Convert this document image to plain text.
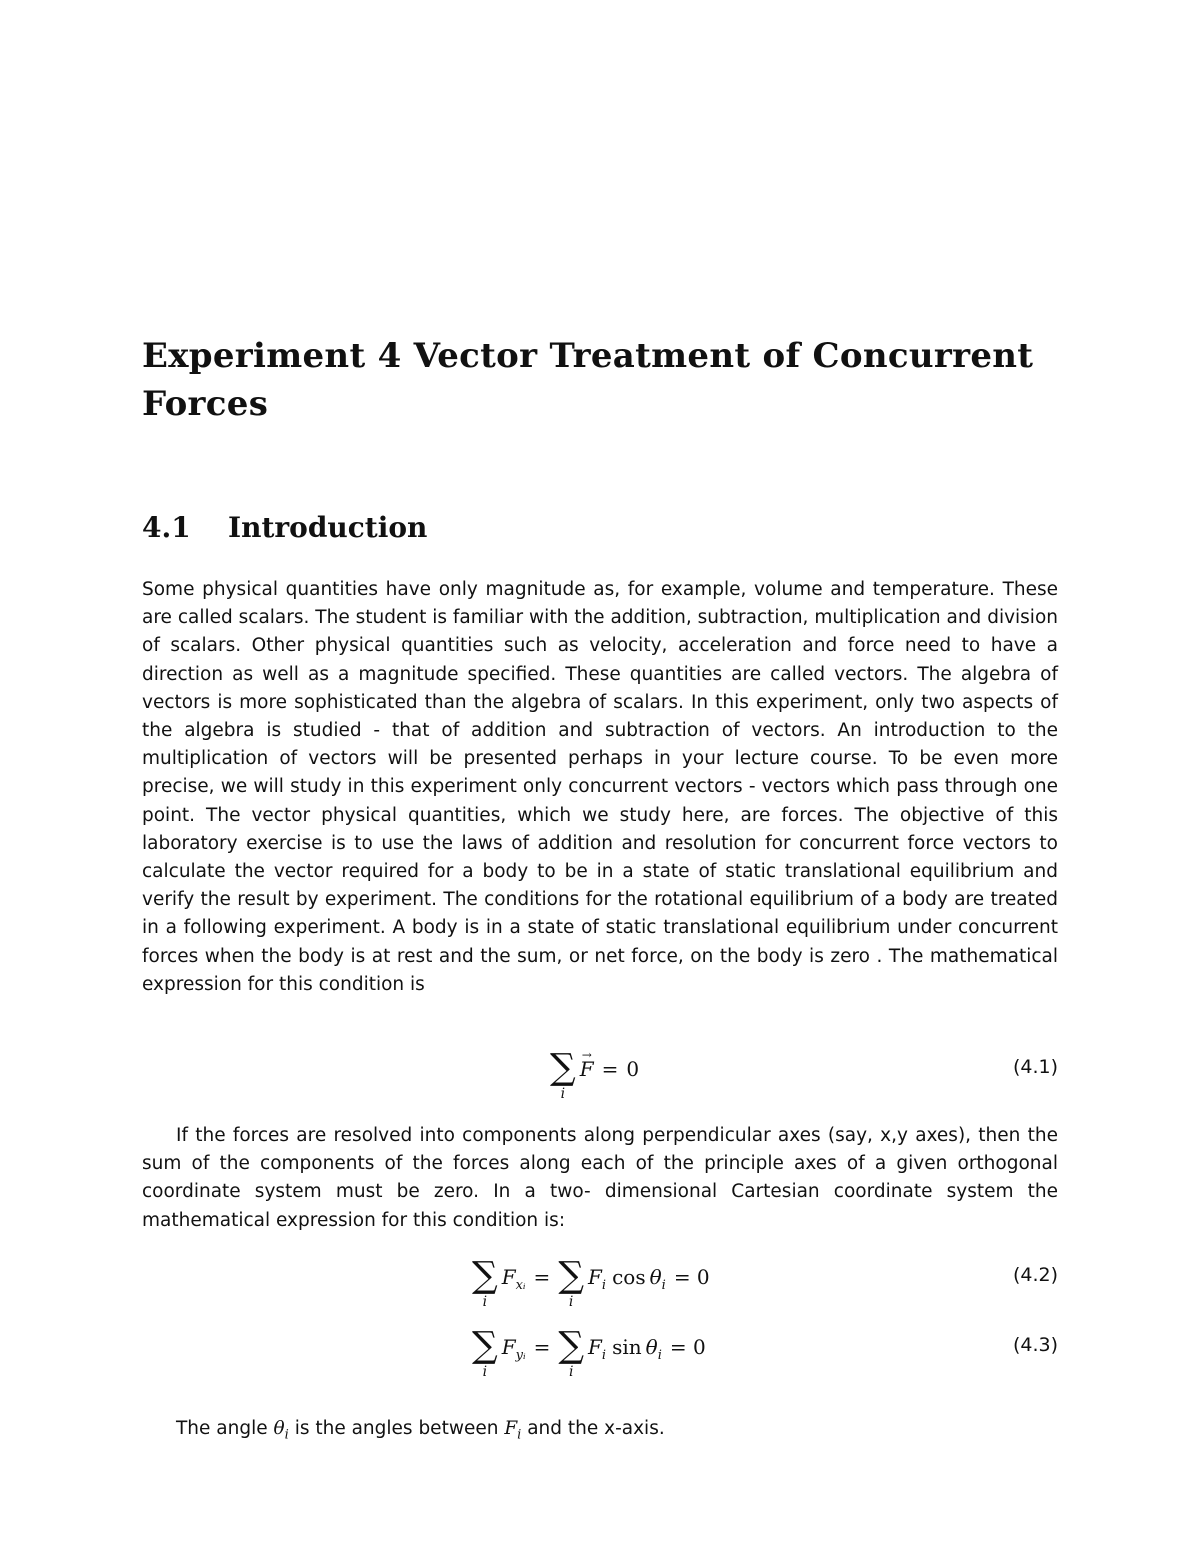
Experiment 4 Vector Treatment of Concurrent Forces
4.1 Introduction

Some physical quantities have only magnitude as, for example, volume and temperature. These are called scalars. The student is familiar with the addition, subtraction, multiplication and division of scalars. Other physical quantities such as velocity, acceleration and force need to have a direction as well as a magnitude specified. These quantities are called vectors. The algebra of vectors is more sophisticated than the algebra of scalars. In this experiment, only two aspects of the algebra is studied - that of addition and subtraction of vectors. An introduction to the multiplication of vectors will be presented perhaps in your lecture course. To be even more precise, we will study in this experiment only concurrent vectors - vectors which pass through one point. The vector physical quantities, which we study here, are forces. The objective of this laboratory exercise is to use the laws of addition and resolution for concurrent force vectors to calculate the vector required for a body to be in a state of static translational equilibrium and verify the result by experiment. The conditions for the rotational equilibrium of a body are treated in a following experiment. A body is in a state of static translational equilibrium under concurrent forces when the body is at rest and the sum, or net force, on the body is zero . The mathematical expression for this condition is

∑
i
→ F = 0	(4.1)

If the forces are resolved into components along perpendicular axes (say, x,y axes), then the sum of the components of the forces along each of the principle axes of a given orthogonal coordinate system must be zero. In a two- dimensional Cartesian coordinate system the mathematical expression for this condition is:

∑
i
$F_{xᵢ}$ = ∑
i
$F_i$ $\cos \theta_i = 0$	(4.2)
∑
i
$F_{yᵢ}$ = ∑
i
$F_i$ $\sin \theta_i = 0$	(4.3)

The angle $\theta_i$ is the angles between $F_i$ and the x-axis.
